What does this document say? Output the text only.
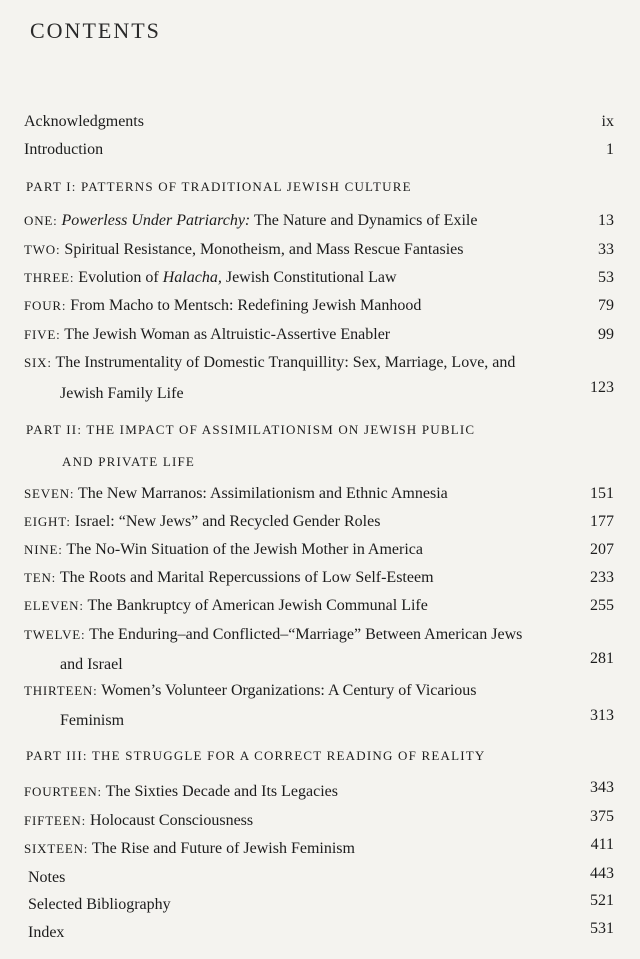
CONTENTS
Acknowledgments	ix
Introduction	1
PART I: PATTERNS OF TRADITIONAL JEWISH CULTURE
ONE: Powerless Under Patriarchy: The Nature and Dynamics of Exile	13
TWO: Spiritual Resistance, Monotheism, and Mass Rescue Fantasies	33
THREE: Evolution of Halacha, Jewish Constitutional Law	53
FOUR: From Macho to Mentsch: Redefining Jewish Manhood	79
FIVE: The Jewish Woman as Altruistic-Assertive Enabler	99
SIX: The Instrumentality of Domestic Tranquillity: Sex, Marriage, Love, and
Jewish Family Life	123
PART II: THE IMPACT OF ASSIMILATIONISM ON JEWISH PUBLIC
AND PRIVATE LIFE
SEVEN: The New Marranos: Assimilationism and Ethnic Amnesia	151
EIGHT: Israel: “New Jews” and Recycled Gender Roles	177
NINE: The No-Win Situation of the Jewish Mother in America	207
TEN: The Roots and Marital Repercussions of Low Self-Esteem	233
ELEVEN: The Bankruptcy of American Jewish Communal Life	255
TWELVE: The Enduring–and Conflicted–“Marriage” Between American Jews
and Israel	281
THIRTEEN: Women’s Volunteer Organizations: A Century of Vicarious
Feminism	313
PART III: THE STRUGGLE FOR A CORRECT READING OF REALITY
FOURTEEN: The Sixties Decade and Its Legacies	343
FIFTEEN: Holocaust Consciousness	375
SIXTEEN: The Rise and Future of Jewish Feminism	411
Notes	443
Selected Bibliography	521
Index	531
